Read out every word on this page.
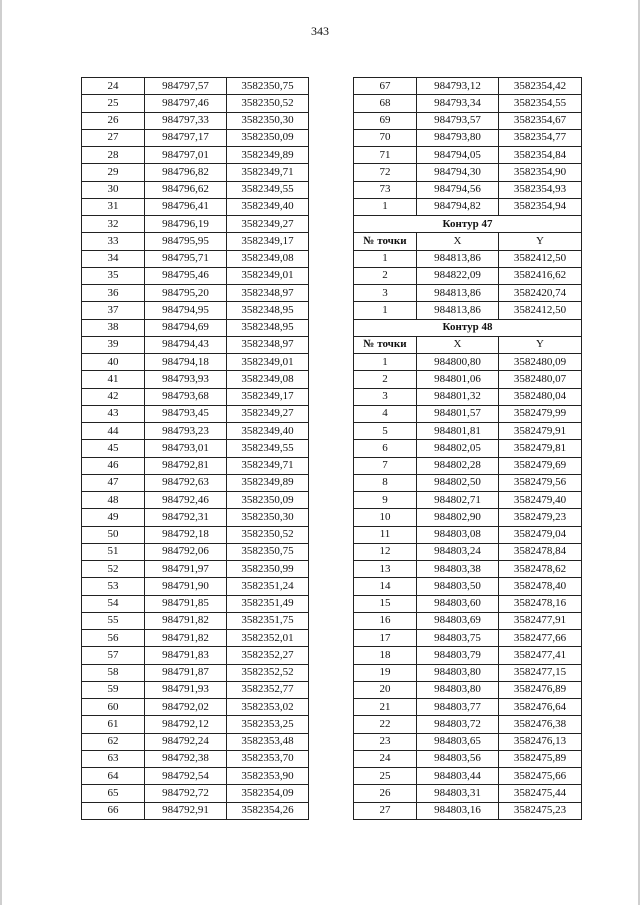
343
24	984797,57	3582350,75
25	984797,46	3582350,52
26	984797,33	3582350,30
27	984797,17	3582350,09
28	984797,01	3582349,89
29	984796,82	3582349,71
30	984796,62	3582349,55
31	984796,41	3582349,40
32	984796,19	3582349,27
33	984795,95	3582349,17
34	984795,71	3582349,08
35	984795,46	3582349,01
36	984795,20	3582348,97
37	984794,95	3582348,95
38	984794,69	3582348,95
39	984794,43	3582348,97
40	984794,18	3582349,01
41	984793,93	3582349,08
42	984793,68	3582349,17
43	984793,45	3582349,27
44	984793,23	3582349,40
45	984793,01	3582349,55
46	984792,81	3582349,71
47	984792,63	3582349,89
48	984792,46	3582350,09
49	984792,31	3582350,30
50	984792,18	3582350,52
51	984792,06	3582350,75
52	984791,97	3582350,99
53	984791,90	3582351,24
54	984791,85	3582351,49
55	984791,82	3582351,75
56	984791,82	3582352,01
57	984791,83	3582352,27
58	984791,87	3582352,52
59	984791,93	3582352,77
60	984792,02	3582353,02
61	984792,12	3582353,25
62	984792,24	3582353,48
63	984792,38	3582353,70
64	984792,54	3582353,90
65	984792,72	3582354,09
66	984792,91	3582354,26
67	984793,12	3582354,42
68	984793,34	3582354,55
69	984793,57	3582354,67
70	984793,80	3582354,77
71	984794,05	3582354,84
72	984794,30	3582354,90
73	984794,56	3582354,93
1	984794,82	3582354,94
Контур 47		
№ точки	X	Y
1	984813,86	3582412,50
2	984822,09	3582416,62
3	984813,86	3582420,74
1	984813,86	3582412,50
Контур 48		
№ точки	X	Y
1	984800,80	3582480,09
2	984801,06	3582480,07
3	984801,32	3582480,04
4	984801,57	3582479,99
5	984801,81	3582479,91
6	984802,05	3582479,81
7	984802,28	3582479,69
8	984802,50	3582479,56
9	984802,71	3582479,40
10	984802,90	3582479,23
11	984803,08	3582479,04
12	984803,24	3582478,84
13	984803,38	3582478,62
14	984803,50	3582478,40
15	984803,60	3582478,16
16	984803,69	3582477,91
17	984803,75	3582477,66
18	984803,79	3582477,41
19	984803,80	3582477,15
20	984803,80	3582476,89
21	984803,77	3582476,64
22	984803,72	3582476,38
23	984803,65	3582476,13
24	984803,56	3582475,89
25	984803,44	3582475,66
26	984803,31	3582475,44
27	984803,16	3582475,23
